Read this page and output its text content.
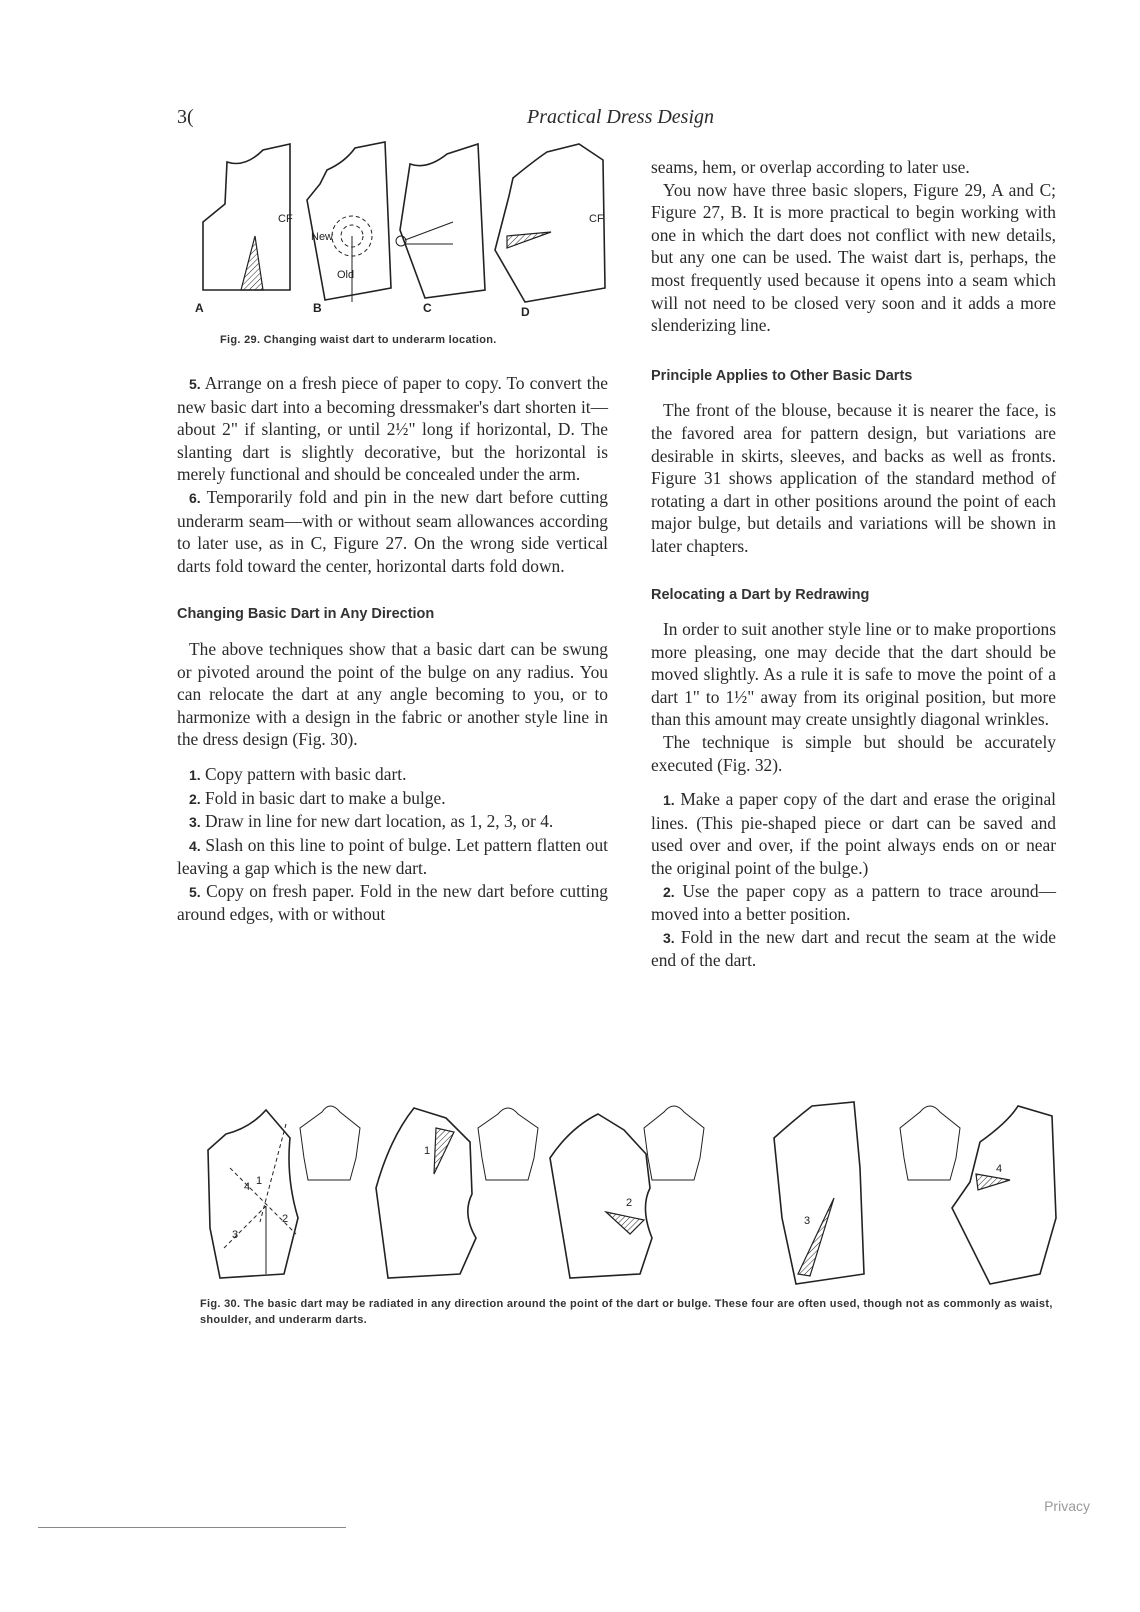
3(	Practical Dress Design
CF
A
New
Old
B	C
CF
D
Fig. 29. Changing waist dart to underarm location.

5. Arrange on a fresh piece of paper to copy. To convert the new basic dart into a becoming dressmaker's dart shorten it—about 2" if slanting, or until 2½" long if horizontal, D. The slanting dart is slightly decorative, but the horizontal is merely functional and should be concealed under the arm.

6. Temporarily fold and pin in the new dart before cutting underarm seam—with or without seam allowances according to later use, as in C, Figure 27. On the wrong side vertical darts fold toward the center, horizontal darts fold down.

Changing Basic Dart in Any Direction

The above techniques show that a basic dart can be swung or pivoted around the point of the bulge on any radius. You can relocate the dart at any angle becoming to you, or to harmonize with a design in the fabric or another style line in the dress design (Fig. 30).

1. Copy pattern with basic dart.

2. Fold in basic dart to make a bulge.

3. Draw in line for new dart location, as 1, 2, 3, or 4.

4. Slash on this line to point of bulge. Let pattern flatten out leaving a gap which is the new dart.

5. Copy on fresh paper. Fold in the new dart before cutting around edges, with or without

seams, hem, or overlap according to later use.

You now have three basic slopers, Figure 29, A and C; Figure 27, B. It is more practical to begin working with one in which the dart does not conflict with new details, but any one can be used. The waist dart is, perhaps, the most frequently used because it opens into a seam which will not need to be closed very soon and it adds a more slenderizing line.

Principle Applies to Other Basic Darts

The front of the blouse, because it is nearer the face, is the favored area for pattern design, but variations are desirable in skirts, sleeves, and backs as well as fronts. Figure 31 shows application of the standard method of rotating a dart in other positions around the point of each major bulge, but details and variations will be shown in later chapters.

Relocating a Dart by Redrawing

In order to suit another style line or to make proportions more pleasing, one may decide that the dart should be moved slightly. As a rule it is safe to move the point of a dart 1" to 1½" away from its original position, but more than this amount may create unsightly diagonal wrinkles.

The technique is simple but should be accurately executed (Fig. 32).

1. Make a paper copy of the dart and erase the original lines. (This pie-shaped piece or dart can be saved and used over and over, if the point always ends on or near the original point of the bulge.)

2. Use the paper copy as a pattern to trace around—moved into a better position.

3. Fold in the new dart and recut the seam at the wide end of the dart.

1
2
3
4
1
2
3
4
Fig. 30. The basic dart may be radiated in any direction around the point of the dart or bulge. These four are often used, though not as commonly as waist, shoulder, and underarm darts.
Privacy
